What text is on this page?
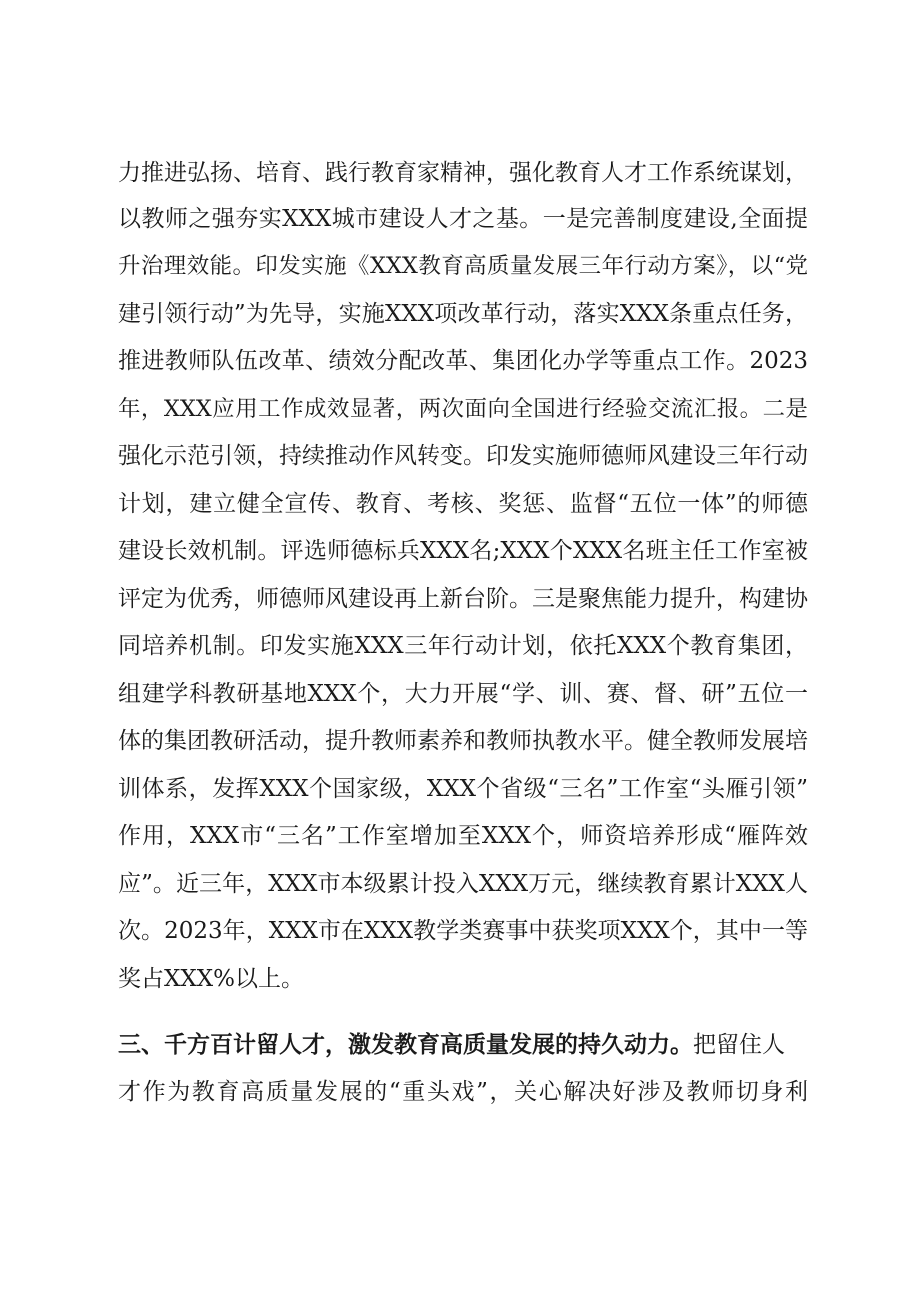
力推进弘扬、培育、践行教育家精神，强化教育人才工作系统谋划，
以教师之强夯实XXX城市建设人才之基。一是完善制度建设,全面提
升治理效能。印发实施《XXX教育高质量发展三年行动方案》，以“党
建引领行动”为先导，实施XXX项改革行动，落实XXX条重点任务，
推进教师队伍改革、绩效分配改革、集团化办学等重点工作。2023
年，XXX应用工作成效显著，两次面向全国进行经验交流汇报。二是
强化示范引领，持续推动作风转变。印发实施师德师风建设三年行动
计划，建立健全宣传、教育、考核、奖惩、监督“五位一体”的师德
建设长效机制。评选师德标兵XXX名;XXX个XXX名班主任工作室被
评定为优秀，师德师风建设再上新台阶。三是聚焦能力提升，构建协
同培养机制。印发实施XXX三年行动计划，依托XXX个教育集团，
组建学科教研基地XXX个，大力开展“学、训、赛、督、研”五位一
体的集团教研活动，提升教师素养和教师执教水平。健全教师发展培
训体系，发挥XXX个国家级，XXX个省级“三名”工作室“头雁引领”
作用，XXX市“三名”工作室增加至XXX个，师资培养形成“雁阵效
应”。近三年，XXX市本级累计投入XXX万元，继续教育累计XXX人
次。2023年，XXX市在XXX教学类赛事中获奖项XXX个，其中一等
奖占XXX%以上。
三、千方百计留人才，激发教育高质量发展的持久动力。把留住人
才作为教育高质量发展的“重头戏”，关心解决好涉及教师切身利
